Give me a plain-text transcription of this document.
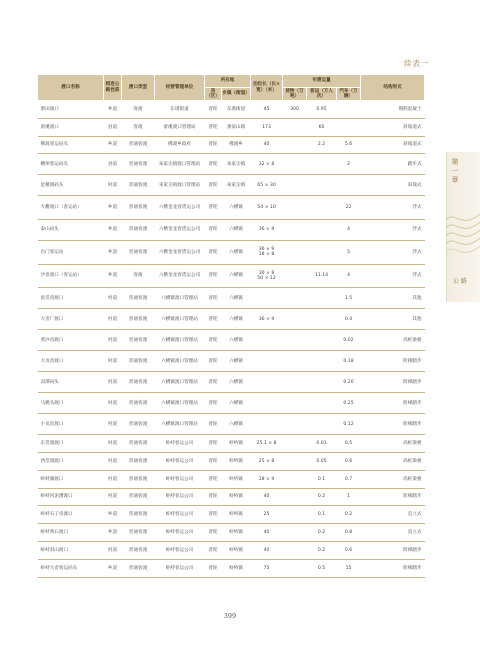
续表一
渡口名称	相连公路性质	渡口类型	经营管理单位	所在地		泊位长（长×宽）（米）	年渡运量			结构形式
				县（区）	乡镇（街道）		货物（万吨）	客运（万人次）	汽车（万辆）	
蕾田渡口	乡道	客渡	东诸街道	普陀	东渔街道	45	300	0.95		钢筋混凝土
蕾溪渡口	县道	客渡	蕾溪渡口管理局	普陀	蕾家山镇	173		60		斜坡道式
佛渡客运码头	乡道	普通客渡	佛渡乡政府	普陀	佛渡乡	40		2.2	5.6	斜坡道式
樽州客运码头	县道	普通客渡	朱家尖镇渡口管理站	普陀	朱家尖镇	32 × 8			2	踏步式
沧稽渡码头	村道	普通客渡	朱家尖镇渡口管理站	普陀	朱家尖镇	65 × 30				斜坡式
大衢渡口（客运站）	乡道	普通客渡	六横金龙客货运公司	普陀	六横镇	54 × 10			22	浮式
泰山码头	乡道	普通客渡	六横金龙客货运公司	普陀	六横镇	36 × 9			4	浮式
台门客运站	乡道	普通客渡	六横金龙客货运公司	普陀	六横镇	36 × 9
28 × 8			5	浮式
沙岙渡口（客运站）	乡道	客渡	六横金龙客货运公司	普陀	六横镇	30 × 8
50 × 12		11.14	4	浮式
滨岱岙渡口	村道	普通客渡	六横镇渡口管理站	普陀	六横镇				1.5	其他
大岙厂渡口	村道	普通客渡	六横镇渡口管理站	普陀	六横镇	36 × 9			0.4	其他
黄沙岙渡口	村道	普通客渡	六横镇渡口管理站	普陀	六横镇				0.02	高桩梁板
大贡贫渡口	村道	普通客渡	六横镇渡口管理站	普陀	六横镇				0.18	阶梯踏步
凉潭码头	村道	普通客渡	六横镇渡口管理站	普陀	六横镇				0.20	阶梯踏步
马跳头渡口	村道	普通客渡	六横镇渡口管理站	普陀	六横镇				0.25	阶梯踏步
小贡贫渡口	村道	普通客渡	六横镇渡口管理站	普陀	六横镇				0.12	阶梯踏步
东岱渡渡口	村道	普通客渡	虾峙客运公司	普陀	虾峙镇	25.1 × 8		0.03	0.5	高桩梁板
西岱渡渡口	村道	普通客渡	虾峙客运公司	普陀	虾峙镇	25 × 8		0.05	0.6	高桩梁板
虾峙湖渡口	村道	普通客渡	虾峙客运公司	普陀	虾峙镇	28 × 9		0.1	0.7	高桩梁板
虾峙河泥漕渡口	村道	普通客渡	虾峙客运公司	普陀	虾峙镇	40		0.2	1	阶梯踏步
虾峙石子岙渡口	乡道	普通客渡	虾峙客运公司	普陀	虾峙镇	25		0.1	0.2	直立式
虾峙黄石渡口	乡道	普通客渡	虾峙客运公司	普陀	虾峙镇	40		0.2	0.8	直立式
虾峙双山渡口	村道	普通客渡	虾峙客运公司	普陀	虾峙镇	40		0.2	0.6	阶梯踏步
虾峙大岙客运码头	乡道	普通客渡	虾峙客运公司	普陀	虾峙镇	75		0.5	15	阶梯踏步
第
一
章
公 路
399
